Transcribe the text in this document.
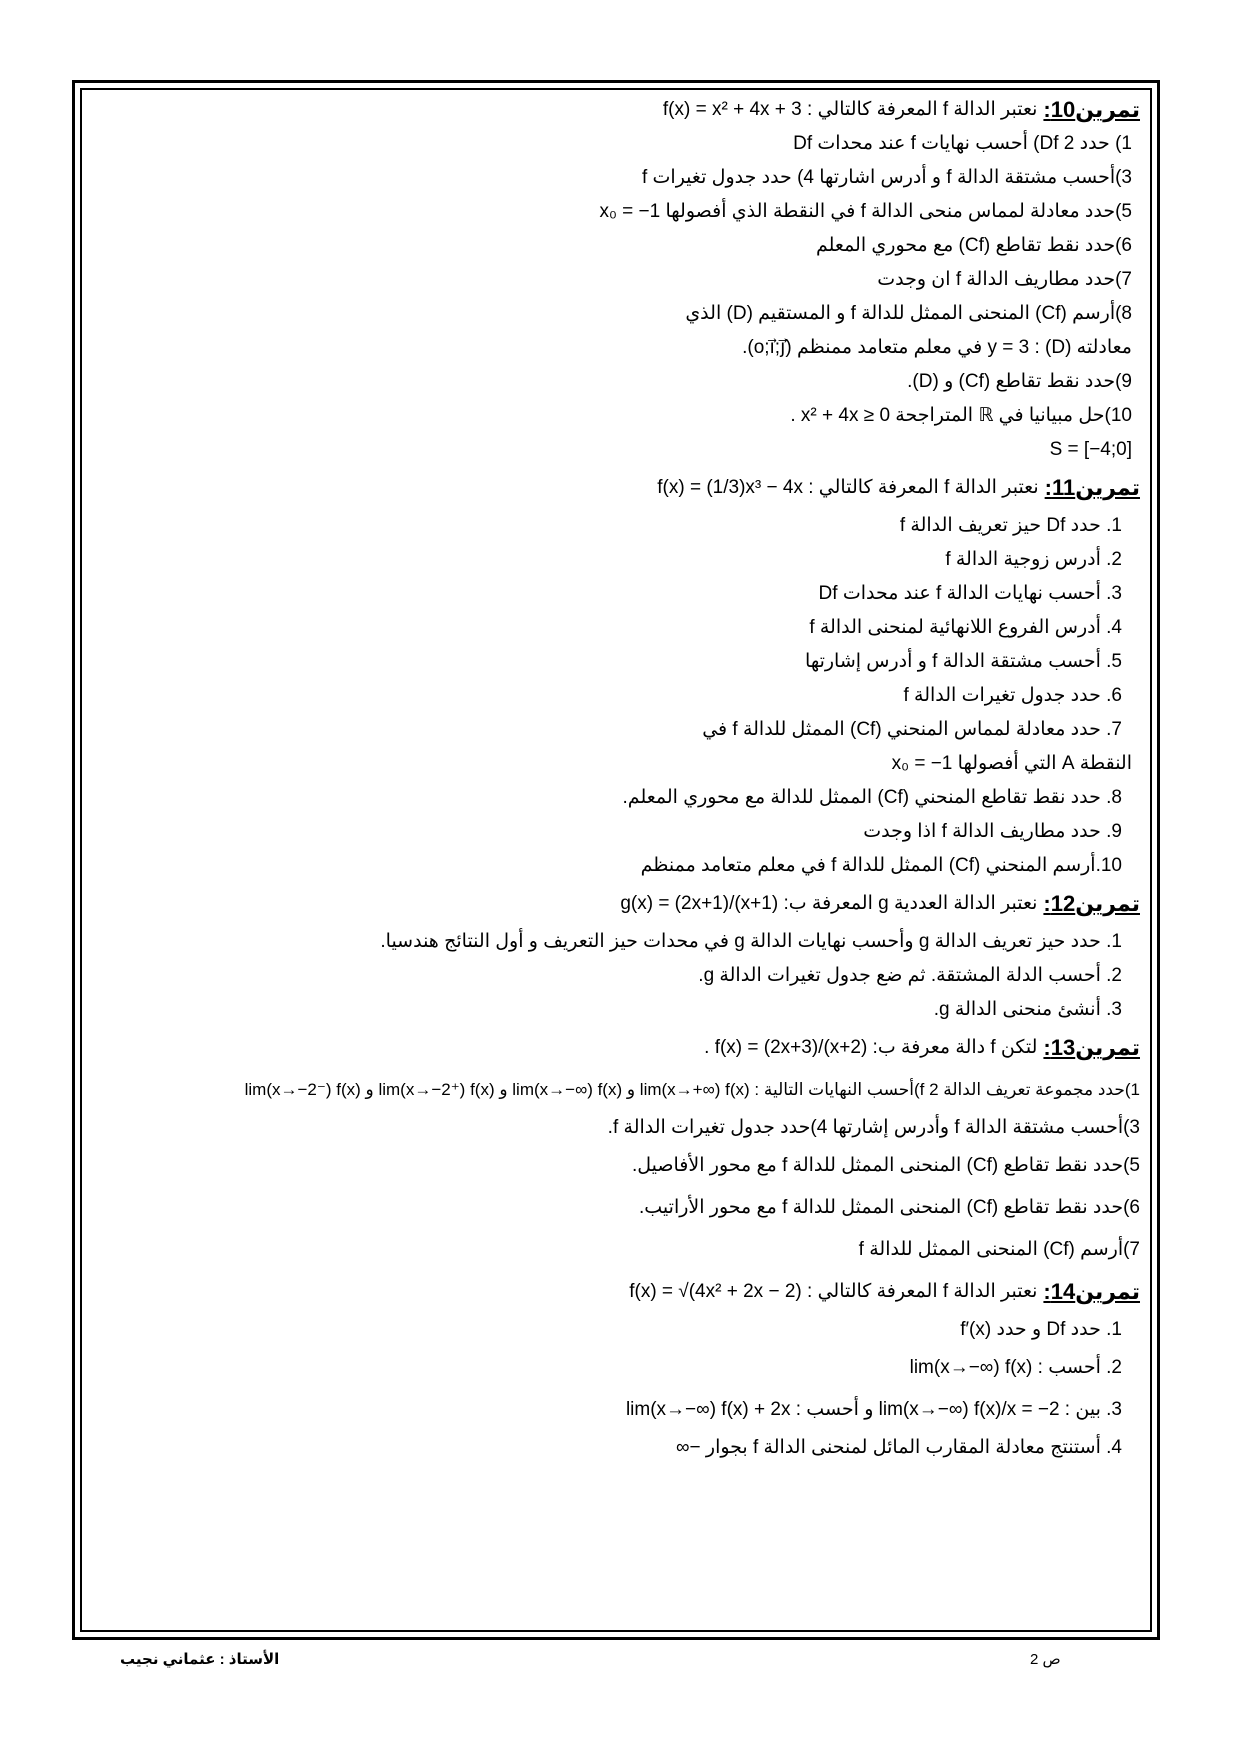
تمرين10:
نعتبر الدالة f المعرفة كالتالي : f(x) = x² + 4x + 3
1) حدد Df 2) أحسب نهايات f عند محدات Df
3)أحسب مشتقة الدالة f و أدرس اشارتها 4) حدد جدول تغيرات f
5)حدد معادلة لمماس منحى الدالة f في النقطة الذي أفصولها x₀ = −1
6)حدد نقط تقاطع (Cf) مع محوري المعلم
7)حدد مطاريف الدالة f ان وجدت
8)أرسم (Cf) المنحنى الممثل للدالة f و المستقيم (D) الذي
معادلته (D) : y = 3 في معلم متعامد ممنظم (o;i⃗;j⃗).
9)حدد نقط تقاطع (Cf) و (D).
10)حل مبيانيا في ℝ المتراجحة x² + 4x ≥ 0 .
S = [−4;0]
تمرين11:
نعتبر الدالة f المعرفة كالتالي : f(x) = (1/3)x³ − 4x
1. حدد Df حيز تعريف الدالة f
2. أدرس زوجية الدالة f
3. أحسب نهايات الدالة f عند محدات Df
4. أدرس الفروع اللانهائية لمنحنى الدالة f
5. أحسب مشتقة الدالة f و أدرس إشارتها
6. حدد جدول تغيرات الدالة f
7. حدد معادلة لمماس المنحني (Cf) الممثل للدالة f في
النقطة A التي أفصولها x₀ = −1
8. حدد نقط تقاطع المنحني (Cf) الممثل للدالة مع محوري المعلم.
9. حدد مطاريف الدالة f اذا وجدت
10.أرسم المنحني (Cf) الممثل للدالة f في معلم متعامد ممنظم
تمرين12:
نعتبر الدالة العددية g المعرفة ب: g(x) = (2x+1)/(x+1)
1. حدد حيز تعريف الدالة g وأحسب نهايات الدالة g في محدات حيز التعريف و أول النتائج هندسيا.
2. أحسب الدلة المشتقة. ثم ضع جدول تغيرات الدالة g.
3. أنشئ منحنى الدالة g.
تمرين13:
لتكن f دالة معرفة ب: f(x) = (2x+3)/(x+2) .
1)حدد مجموعة تعريف الدالة f 2)أحسب النهايات التالية : lim(x→+∞) f(x) و lim(x→−∞) f(x) و lim(x→−2⁺) f(x) و lim(x→−2⁻) f(x)
3)أحسب مشتقة الدالة f وأدرس إشارتها 4)حدد جدول تغيرات الدالة f.
5)حدد نقط تقاطع (Cf) المنحنى الممثل للدالة f مع محور الأفاصيل.
6)حدد نقط تقاطع (Cf) المنحنى الممثل للدالة f مع محور الأراتيب.
7)أرسم (Cf) المنحنى الممثل للدالة f
تمرين14:
نعتبر الدالة f المعرفة كالتالي : f(x) = √(4x² + 2x − 2)
1. حدد Df و حدد f′(x)
2. أحسب : lim(x→−∞) f(x)
3. بين : lim(x→−∞) f(x)/x = −2 و أحسب : lim(x→−∞) f(x) + 2x
4. أستنتج معادلة المقارب المائل لمنحنى الدالة f بجوار −∞
الأستاذ : عثماني نجيب	ص 2
